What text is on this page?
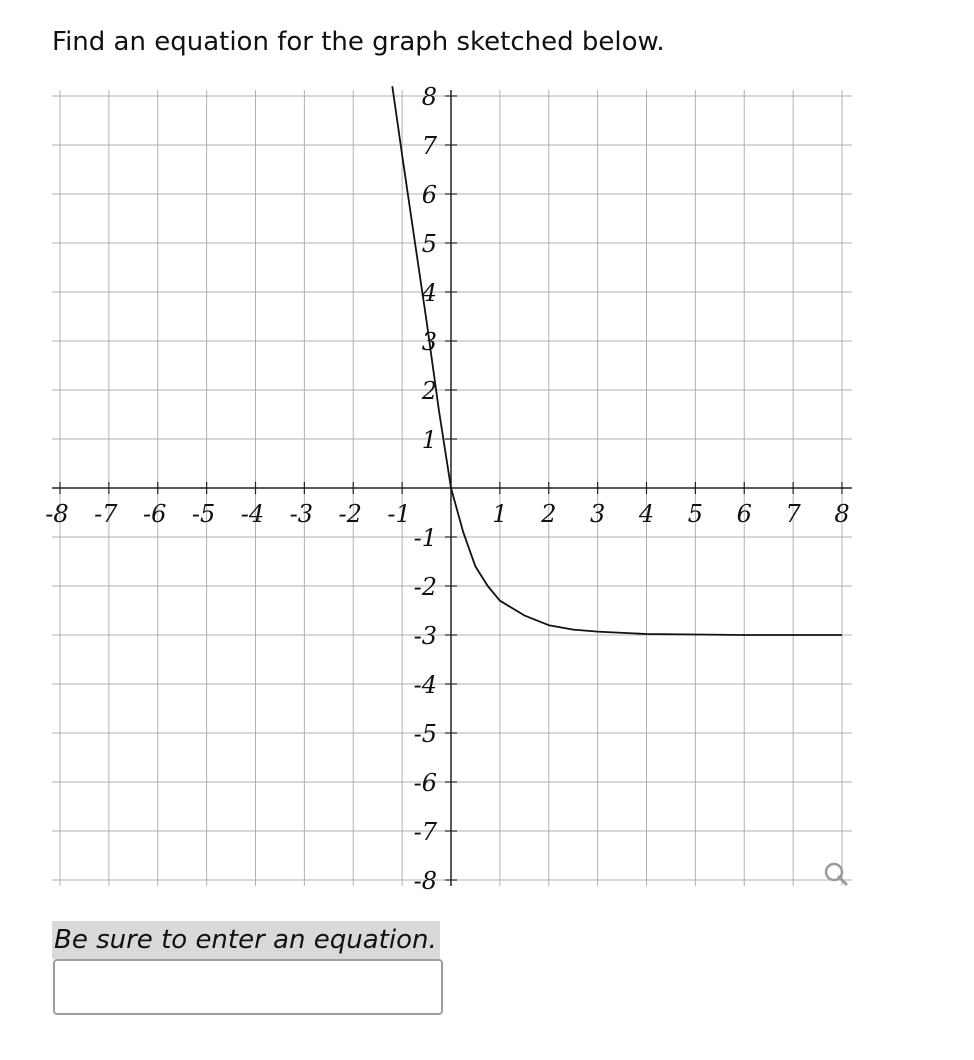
Find an equation for the graph sketched below.
-8 -7 -6 -5 -4 -3 -2 -1	1 2 3 4 5 6 7 8
-8
-7
-6
-5
-4
-3
-2
-1
1
2
3
4
5
6
7
8
Be sure to enter an equation.
